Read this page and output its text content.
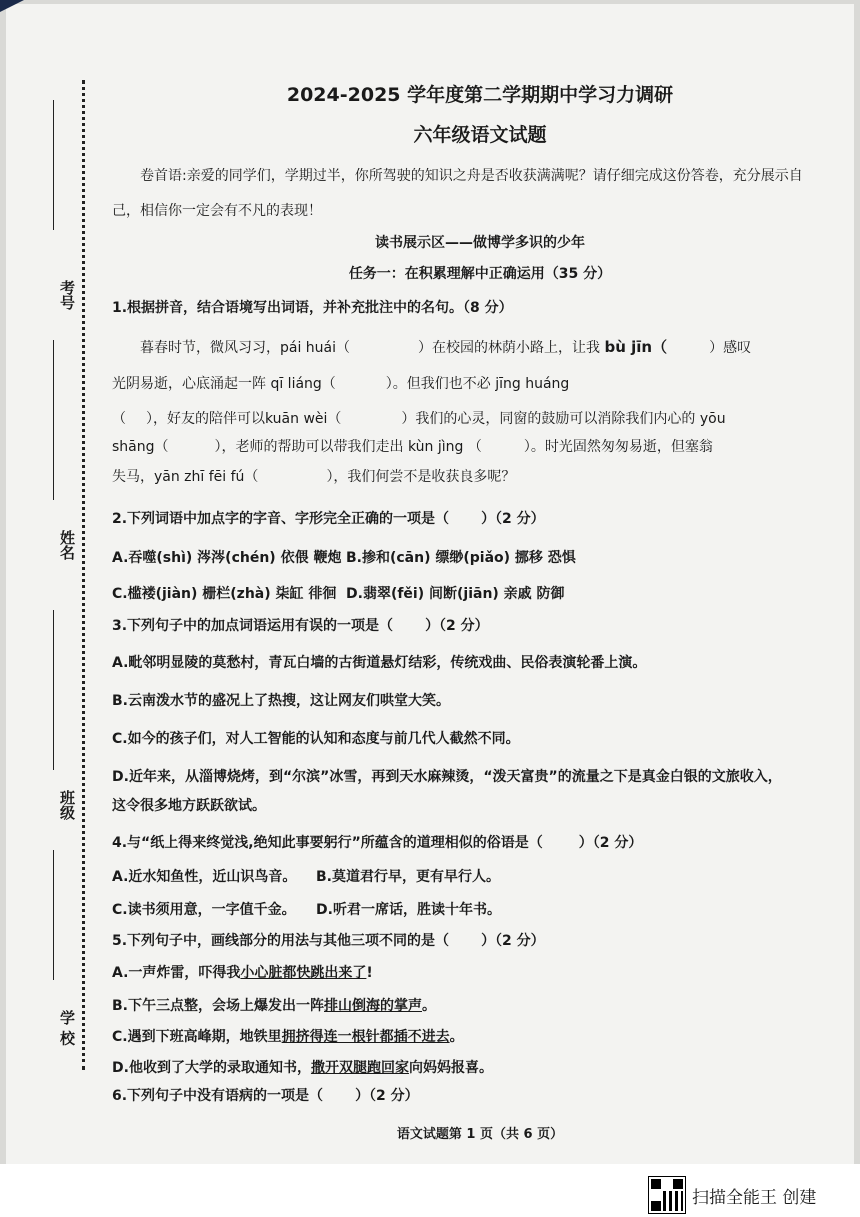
考号
姓名
班级
学 校
2024-2025 学年度第二学期期中学习力调研
六年级语文试题
卷首语:亲爱的同学们，学期过半，你所驾驶的知识之舟是否收获满满呢？请仔细完成这份答卷，充分展示自
己，相信你一定会有不凡的表现！
读书展示区——做博学多识的少年
任务一：在积累理解中正确运用（35 分）
1.根据拼音，结合语境写出词语，并补充批注中的名句。（8 分）
暮春时节，微风习习，pái huái（	）在校园的林荫小路上，让我 bù jīn（	）感叹
光阴易逝，心底涌起一阵 qī liáng（	）。但我们也不必 jīng huáng
（ ），好友的陪伴可以kuān wèi（	）我们的心灵，同窗的鼓励可以消除我们内心的 yōu
shāng（	），老师的帮助可以带我们走出 kùn jìng （	）。时光固然匆匆易逝，但塞翁
失马，yān zhī fēi fú（	），我们何尝不是收获良多呢？
2.下列词语中加点字的字音、字形完全正确的一项是（ ）（2 分）
A.吞噬(shì) 涔涔(chén) 依偎 鞭炮 B.掺和(cān) 缥缈(piǎo) 挪移 恐惧
C.槛褛(jiàn) 栅栏(zhà) 柒缸 徘徊 D.翡翠(fěi) 间断(jiān) 亲戚 防御
3.下列句子中的加点词语运用有误的一项是（ ）（2 分）
A.毗邻明显陵的莫愁村，青瓦白墙的古街道悬灯结彩，传统戏曲、民俗表演轮番上演。
B.云南泼水节的盛况上了热搜，这让网友们哄堂大笑。
C.如今的孩子们，对人工智能的认知和态度与前几代人截然不同。
D.近年来，从淄博烧烤，到“尔滨”冰雪，再到天水麻辣烫，“泼天富贵”的流量之下是真金白银的文旅收入，
这令很多地方跃跃欲试。
4.与“纸上得来终觉浅,绝知此事要躬行”所蕴含的道理相似的俗语是（	）（2 分）
A.近水知鱼性，近山识鸟音。 B.莫道君行早，更有早行人。
C.读书须用意，一字值千金。 D.听君一席话，胜读十年书。
5.下列句子中，画线部分的用法与其他三项不同的是（ ）（2 分）
A.一声炸雷，吓得我小心脏都快跳出来了!
B.下午三点整，会场上爆发出一阵排山倒海的掌声。
C.遇到下班高峰期，地铁里拥挤得连一根针都插不进去。
D.他收到了大学的录取通知书，撒开双腿跑回家向妈妈报喜。
6.下列句子中没有语病的一项是（ ）（2 分）
语文试题第 1 页（共 6 页）
扫描全能王 创建
